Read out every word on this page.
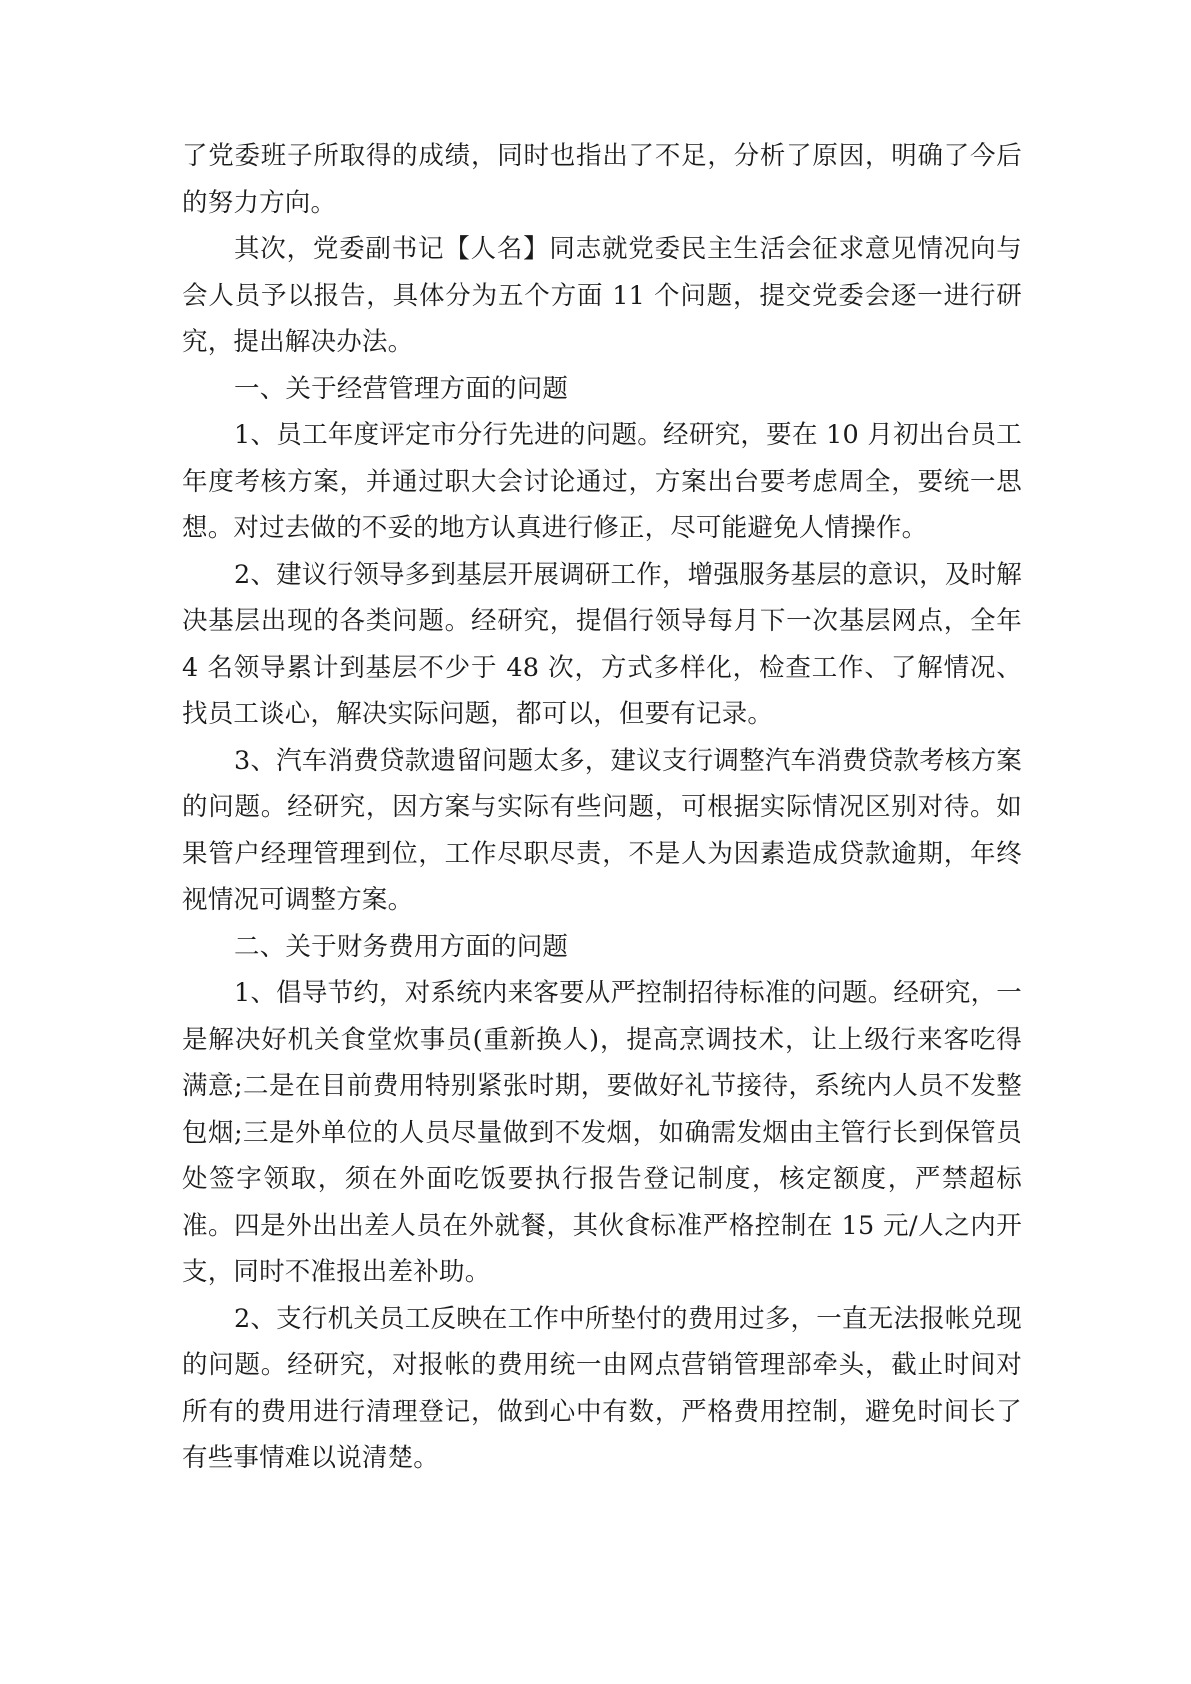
了党委班子所取得的成绩，同时也指出了不足，分析了原因，明确了今后的努力方向。

其次，党委副书记【人名】同志就党委民主生活会征求意见情况向与会人员予以报告，具体分为五个方面 11 个问题，提交党委会逐一进行研究，提出解决办法。

一、关于经营管理方面的问题

1、员工年度评定市分行先进的问题。经研究，要在 10 月初出台员工年度考核方案，并通过职大会讨论通过，方案出台要考虑周全，要统一思想。对过去做的不妥的地方认真进行修正，尽可能避免人情操作。

2、建议行领导多到基层开展调研工作，增强服务基层的意识，及时解决基层出现的各类问题。经研究，提倡行领导每月下一次基层网点，全年 4 名领导累计到基层不少于 48 次，方式多样化，检查工作、了解情况、找员工谈心，解决实际问题，都可以，但要有记录。

3、汽车消费贷款遗留问题太多，建议支行调整汽车消费贷款考核方案的问题。经研究，因方案与实际有些问题，可根据实际情况区别对待。如果管户经理管理到位，工作尽职尽责，不是人为因素造成贷款逾期，年终视情况可调整方案。

二、关于财务费用方面的问题

1、倡导节约，对系统内来客要从严控制招待标准的问题。经研究，一是解决好机关食堂炊事员(重新换人)，提高烹调技术，让上级行来客吃得满意;二是在目前费用特别紧张时期，要做好礼节接待，系统内人员不发整包烟;三是外单位的人员尽量做到不发烟，如确需发烟由主管行长到保管员处签字领取，须在外面吃饭要执行报告登记制度，核定额度，严禁超标准。四是外出出差人员在外就餐，其伙食标准严格控制在 15 元/人之内开支，同时不准报出差补助。

2、支行机关员工反映在工作中所垫付的费用过多，一直无法报帐兑现的问题。经研究，对报帐的费用统一由网点营销管理部牵头，截止时间对所有的费用进行清理登记，做到心中有数，严格费用控制，避免时间长了有些事情难以说清楚。
